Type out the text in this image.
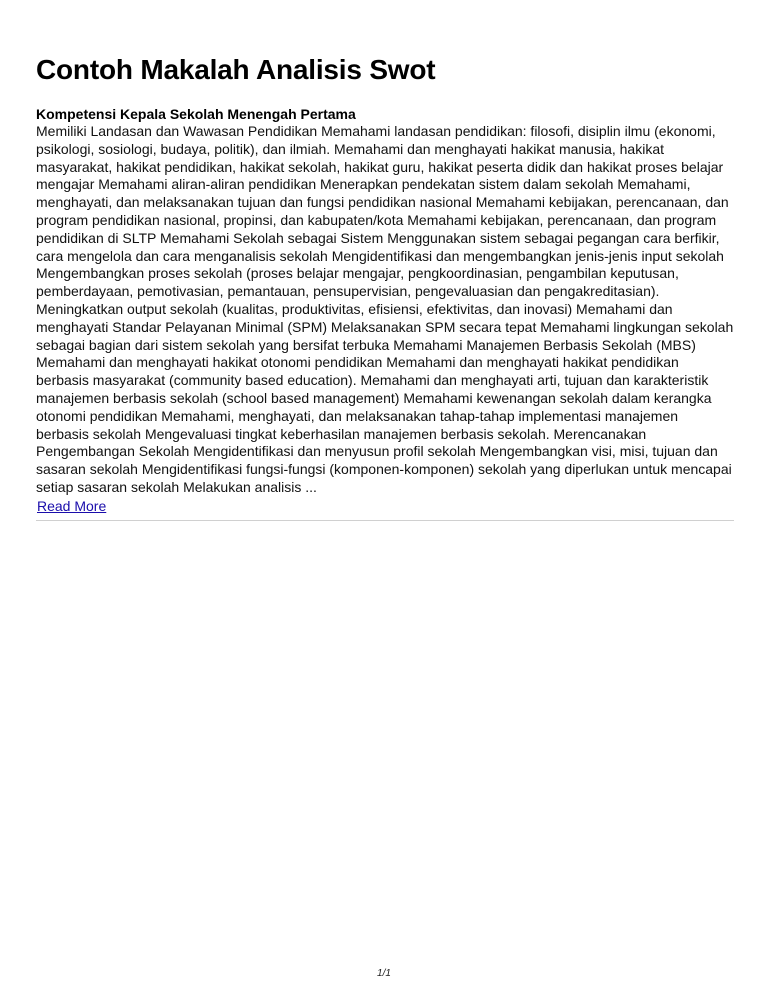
Contoh Makalah Analisis Swot
Kompetensi Kepala Sekolah Menengah Pertama

Memiliki Landasan dan Wawasan Pendidikan Memahami landasan pendidikan: filosofi, disiplin ilmu (ekonomi, psikologi, sosiologi, budaya, politik), dan ilmiah. Memahami dan menghayati hakikat manusia, hakikat masyarakat, hakikat pendidikan, hakikat sekolah, hakikat guru, hakikat peserta didik dan hakikat proses belajar mengajar Memahami aliran-aliran pendidikan Menerapkan pendekatan sistem dalam sekolah Memahami, menghayati, dan melaksanakan tujuan dan fungsi pendidikan nasional Memahami kebijakan, perencanaan, dan program pendidikan nasional, propinsi, dan kabupaten/kota Memahami kebijakan, perencanaan, dan program pendidikan di SLTP Memahami Sekolah sebagai Sistem Menggunakan sistem sebagai pegangan cara berfikir, cara mengelola dan cara menganalisis sekolah Mengidentifikasi dan mengembangkan jenis-jenis input sekolah Mengembangkan proses sekolah (proses belajar mengajar, pengkoordinasian, pengambilan keputusan, pemberdayaan, pemotivasian, pemantauan, pensupervisian, pengevaluasian dan pengakreditasian). Meningkatkan output sekolah (kualitas, produktivitas, efisiensi, efektivitas, dan inovasi) Memahami dan menghayati Standar Pelayanan Minimal (SPM) Melaksanakan SPM secara tepat Memahami lingkungan sekolah sebagai bagian dari sistem sekolah yang bersifat terbuka Memahami Manajemen Berbasis Sekolah (MBS) Memahami dan menghayati hakikat otonomi pendidikan Memahami dan menghayati hakikat pendidikan berbasis masyarakat (community based education). Memahami dan menghayati arti, tujuan dan karakteristik manajemen berbasis sekolah (school based management) Memahami kewenangan sekolah dalam kerangka otonomi pendidikan Memahami, menghayati, dan melaksanakan tahap-tahap implementasi manajemen berbasis sekolah Mengevaluasi tingkat keberhasilan manajemen berbasis sekolah. Merencanakan Pengembangan Sekolah Mengidentifikasi dan menyusun profil sekolah Mengembangkan visi, misi, tujuan dan sasaran sekolah Mengidentifikasi fungsi-fungsi (komponen-komponen) sekolah yang diperlukan untuk mencapai setiap sasaran sekolah Melakukan analisis ...

Read More
1/1
